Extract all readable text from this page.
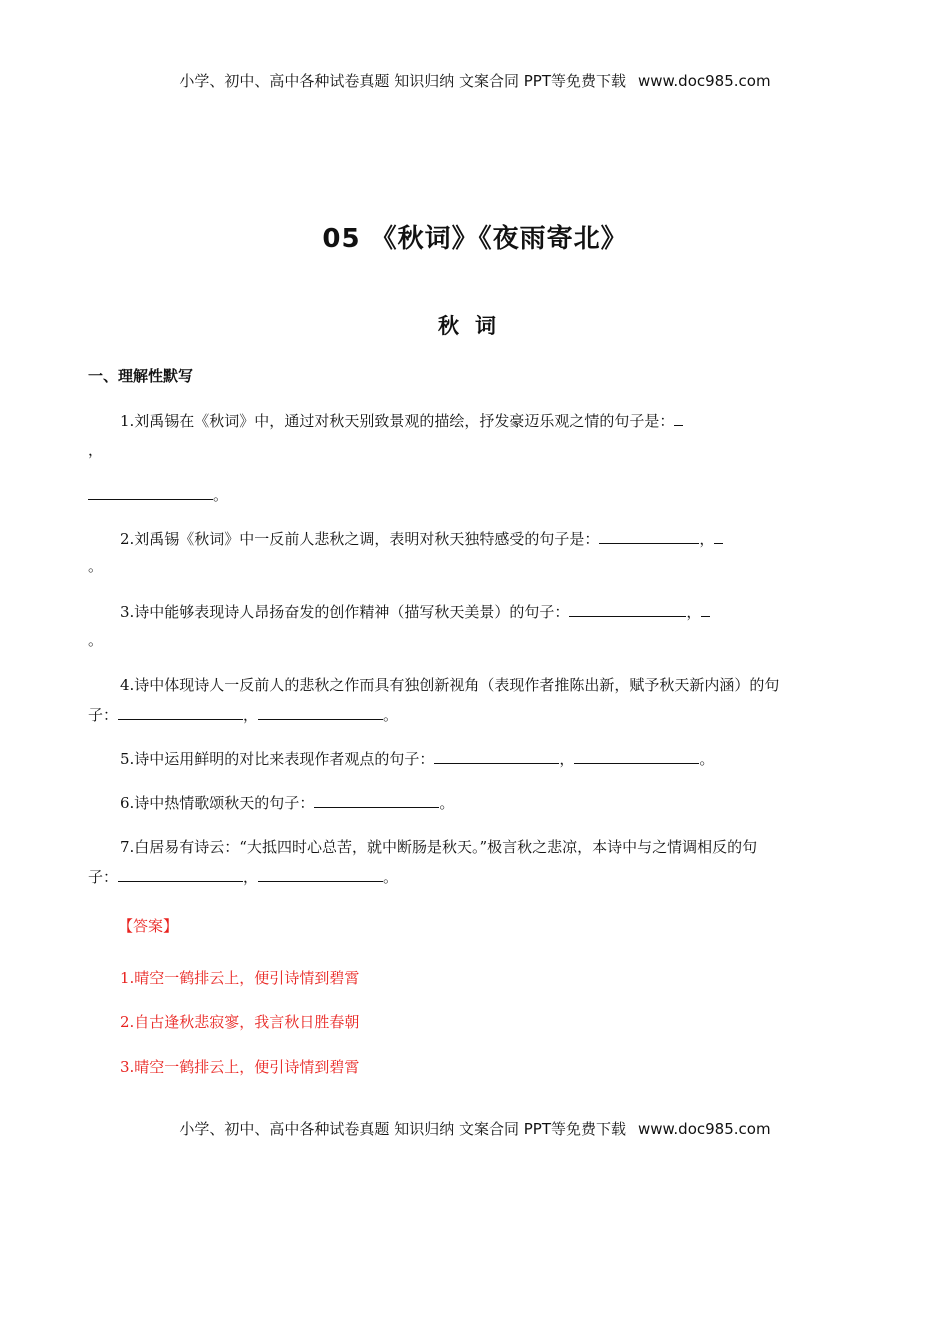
小学、初中、高中各种试卷真题 知识归纳 文案合同 PPT等免费下载 www.doc985.com
05 《秋词》《夜雨寄北》
秋词
一、理解性默写
1.刘禹锡在《秋词》中，通过对秋天别致景观的描绘，抒发豪迈乐观之情的句子是：
，
。
2.刘禹锡《秋词》中一反前人悲秋之调，表明对秋天独特感受的句子是：	，
。
3.诗中能够表现诗人昂扬奋发的创作精神（描写秋天美景）的句子：	，
。
4.诗中体现诗人一反前人的悲秋之作而具有独创新视角（表现作者推陈出新，赋予秋天新内涵）的句
子：	，	。
5.诗中运用鲜明的对比来表现作者观点的句子：	，	。
6.诗中热情歌颂秋天的句子：	。
7.白居易有诗云：“大抵四时心总苦，就中断肠是秋天。”极言秋之悲凉，本诗中与之情调相反的句
子：	，	。
【答案】
1.晴空一鹤排云上，便引诗情到碧霄
2.自古逢秋悲寂寥，我言秋日胜春朝
3.晴空一鹤排云上，便引诗情到碧霄
小学、初中、高中各种试卷真题 知识归纳 文案合同 PPT等免费下载 www.doc985.com
